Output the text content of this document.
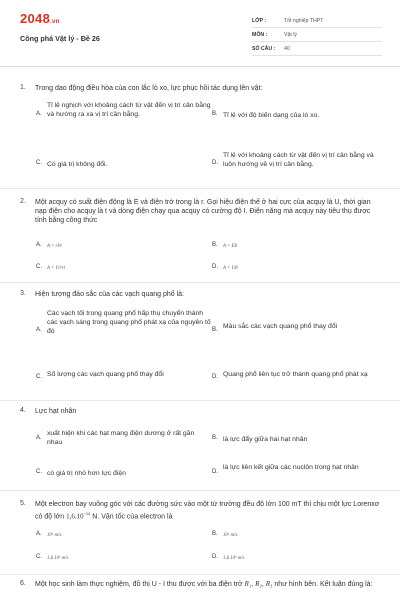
2048.vn
Công phá Vật lý - Đề 26
LỚP :	Tốt nghiệp THPT
MÔN :	Vật lý
SỐ CÂU : 40
1. Trong dao động điều hòa của con lắc lò xo, lực phục hồi tác dụng lên vật:
A.
Tỉ lệ nghịch với khoảng cách từ vật đến vị trí cân bằng và hướng ra xa vị trí cân bằng.	B. Tỉ lệ với độ biến dạng của lò xo.
C. Có giá trị không đổi.	D.
Tỉ lệ với khoảng cách từ vật đến vị trí cân bằng và luôn hướng về vị trí cân bằng.
2. Một acquy có suất điện động là E và điện trở trong là r. Gọi hiệu điện thế ở hai cực của acquy là U, thời gian nạp điện cho acquy là t và dòng điện chạy qua acquy có cường độ I. Điện năng mà acquy này tiêu thụ được tính bằng công thức
A. A = rI²t	B. A = EIt
C. A = U²/rt	D. A = UIt
3. Hiện tượng đảo sắc của các vạch quang phổ là:
A.
Các vạch tối trong quang phổ hấp thụ chuyển thành các vạch sáng trong quang phổ phát xạ của nguyên tố đó	B. Màu sắc các vạch quang phổ thay đổi
C. Số lượng các vạch quang phổ thay đổi	D. Quang phổ liên tục trở thành quang phổ phát xạ
4. Lực hạt nhân
A.
xuất hiện khi các hạt mang điện dương ở rất gần nhau
B. là lực đẩy giữa hai hạt nhân
C. có giá trị nhỏ hơn lực điện	D.
là lực liên kết giữa các nuclôn trong hạt nhân
5. Một electron bay vuông góc với các đường sức vào một từ trường đều độ lớn 100 mT thì chịu một lực Lorenxơ có độ lớn $1,6.10^{-14}$ N. Vận tốc của electron là
A. 10⁹ m/s	B. 10⁶ m/s
C. 1,6.10⁶ m/s	D. 1,6.10⁹ m/s
6. Một học sinh làm thực nghiệm, đồ thị U - I thu được với ba điện trở R₁, R₂, R₃ như hình bên. Kết luận đúng là:
